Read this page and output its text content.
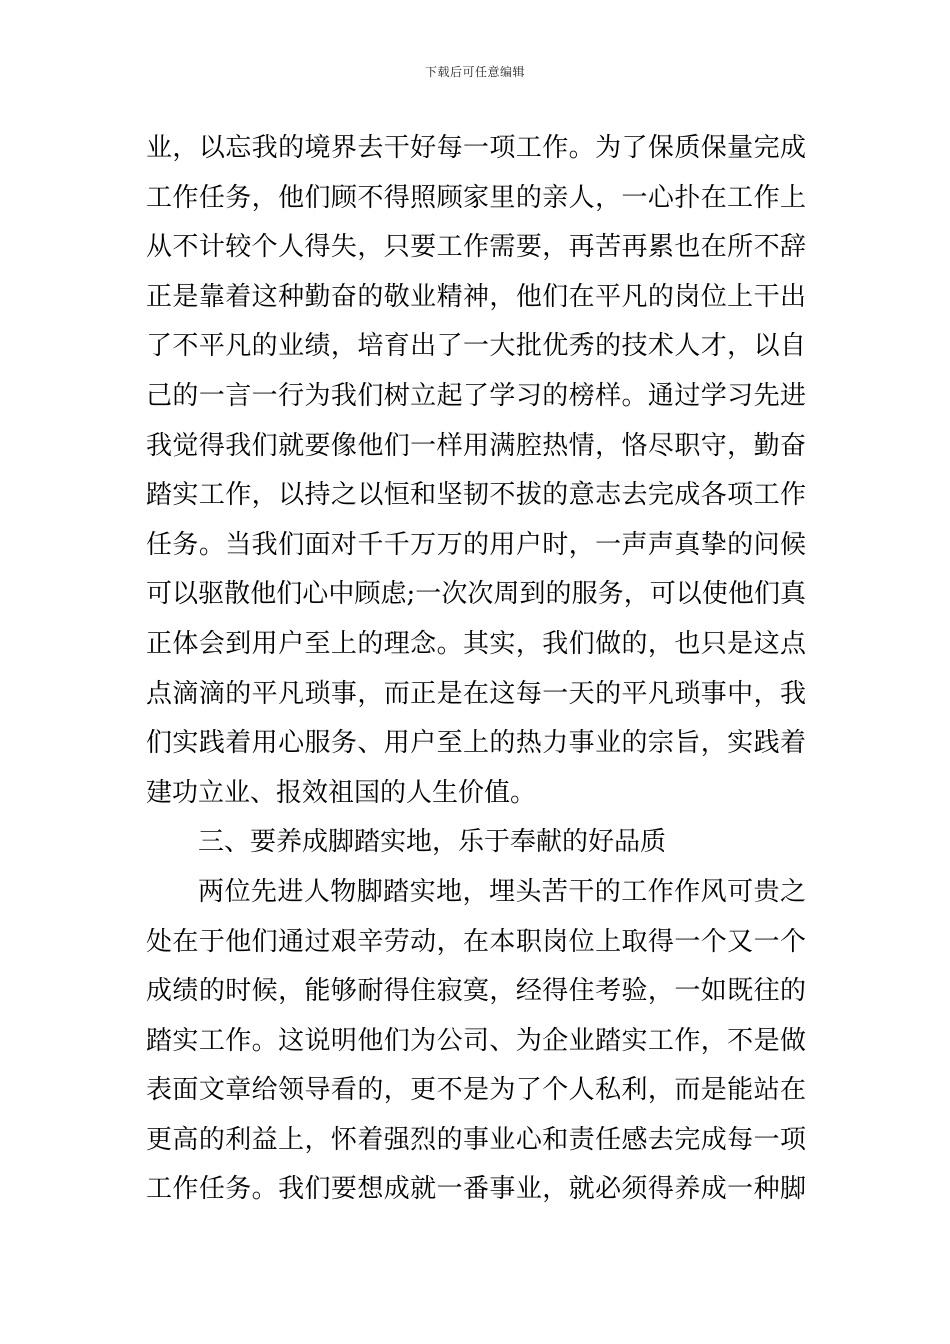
下载后可任意编辑
业，以忘我的境界去干好每一项工作。为了保质保量完成
工作任务，他们顾不得照顾家里的亲人，一心扑在工作上
从不计较个人得失，只要工作需要，再苦再累也在所不辞
正是靠着这种勤奋的敬业精神，他们在平凡的岗位上干出
了不平凡的业绩，培育出了一大批优秀的技术人才，以自
己的一言一行为我们树立起了学习的榜样。通过学习先进
我觉得我们就要像他们一样用满腔热情，恪尽职守，勤奋
踏实工作，以持之以恒和坚韧不拔的意志去完成各项工作
任务。当我们面对千千万万的用户时，一声声真挚的问候
可以驱散他们心中顾虑;一次次周到的服务，可以使他们真
正体会到用户至上的理念。其实，我们做的，也只是这点
点滴滴的平凡琐事，而正是在这每一天的平凡琐事中，我
们实践着用心服务、用户至上的热力事业的宗旨，实践着
建功立业、报效祖国的人生价值。
三、要养成脚踏实地，乐于奉献的好品质
两位先进人物脚踏实地，埋头苦干的工作作风可贵之
处在于他们通过艰辛劳动，在本职岗位上取得一个又一个
成绩的时候，能够耐得住寂寞，经得住考验，一如既往的
踏实工作。这说明他们为公司、为企业踏实工作，不是做
表面文章给领导看的，更不是为了个人私利，而是能站在
更高的利益上，怀着强烈的事业心和责任感去完成每一项
工作任务。我们要想成就一番事业，就必须得养成一种脚
